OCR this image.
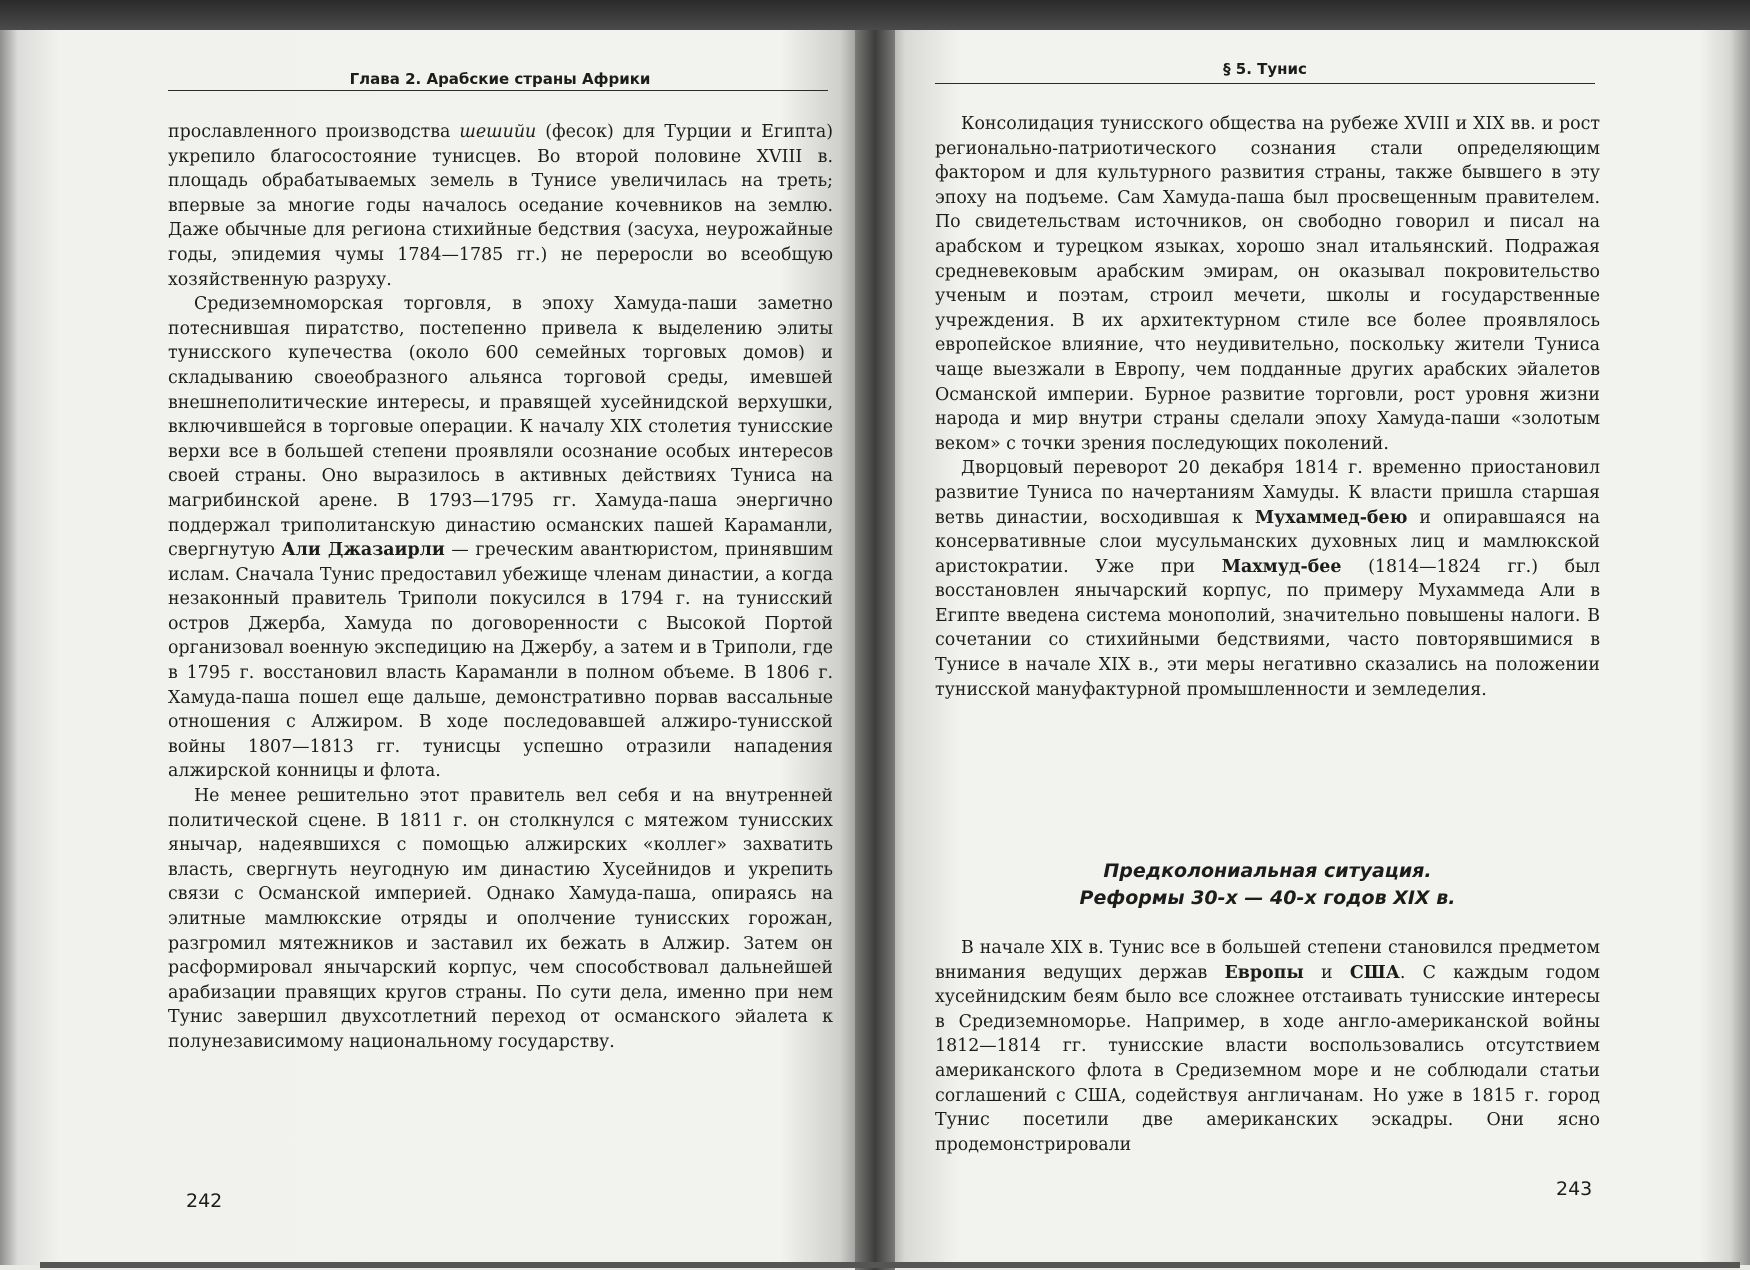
Глава 2. Арабские страны Африки
§ 5. Тунис

прославленного производства шешийи (фесок) для Турции и Египта) укрепило благосостояние тунисцев. Во второй половине XVIII в. площадь обрабатываемых земель в Тунисе увеличилась на треть; впервые за многие годы началось оседание кочевников на землю. Даже обычные для региона стихийные бедствия (засуха, неурожайные годы, эпидемия чумы 1784—1785 гг.) не переросли во всеобщую хозяйственную разруху.

Средиземноморская торговля, в эпоху Хамуда-паши заметно потеснившая пиратство, постепенно привела к выделению элиты тунисского купечества (около 600 семейных торговых домов) и складыванию своеобразного альянса торговой среды, имевшей внешнеполитические интересы, и правящей хусейнидской верхушки, включившейся в торговые операции. К началу XIX столетия тунисские верхи все в большей степени проявляли осознание особых интересов своей страны. Оно выразилось в активных действиях Туниса на магрибинской арене. В 1793—1795 гг. Хамуда-паша энергично поддержал триполитанскую династию османских пашей Караманли, свергнутую Али Джазаирли — греческим авантюристом, принявшим ислам. Сначала Тунис предоставил убежище членам династии, а когда незаконный правитель Триполи покусился в 1794 г. на тунисский остров Джерба, Хамуда по договоренности с Высокой Портой организовал военную экспедицию на Джербу, а затем и в Триполи, где в 1795 г. восстановил власть Караманли в полном объеме. В 1806 г. Хамуда-паша пошел еще дальше, демонстративно порвав вассальные отношения с Алжиром. В ходе последовавшей алжиро-тунисской войны 1807—1813 гг. тунисцы успешно отразили нападения алжирской конницы и флота.

Не менее решительно этот правитель вел себя и на внутренней политической сцене. В 1811 г. он столкнулся с мятежом тунисских янычар, надеявшихся с помощью алжирских «коллег» захватить власть, свергнуть неугодную им династию Хусейнидов и укрепить связи с Османской империей. Однако Хамуда-паша, опираясь на элитные мамлюкские отряды и ополчение тунисских горожан, разгромил мятежников и заставил их бежать в Алжир. Затем он расформировал янычарский корпус, чем способствовал дальнейшей арабизации правящих кругов страны. По сути дела, именно при нем Тунис завершил двухсотлетний переход от османского эйалета к полунезависимому национальному государству.

Консолидация тунисского общества на рубеже XVIII и XIX вв. и рост регионально-патриотического сознания стали определяющим фактором и для культурного развития страны, также бывшего в эту эпоху на подъеме. Сам Хамуда-паша был просвещенным правителем. По свидетельствам источников, он свободно говорил и писал на арабском и турецком языках, хорошо знал итальянский. Подражая средневековым арабским эмирам, он оказывал покровительство ученым и поэтам, строил мечети, школы и государственные учреждения. В их архитектурном стиле все более проявлялось европейское влияние, что неудивительно, поскольку жители Туниса чаще выезжали в Европу, чем подданные других арабских эйалетов Османской империи. Бурное развитие торговли, рост уровня жизни народа и мир внутри страны сделали эпоху Хамуда-паши «золотым веком» с точки зрения последующих поколений.

Дворцовый переворот 20 декабря 1814 г. временно приостановил развитие Туниса по начертаниям Хамуды. К власти пришла старшая ветвь династии, восходившая к Мухаммед-бею и опиравшаяся на консервативные слои мусульманских духовных лиц и мамлюкской аристократии. Уже при Махмуд-бее (1814—1824 гг.) был восстановлен янычарский корпус, по примеру Мухаммеда Али в Египте введена система монополий, значительно повышены налоги. В сочетании со стихийными бедствиями, часто повторявшимися в Тунисе в начале XIX в., эти меры негативно сказались на положении тунисской мануфактурной промышленности и земледелия.

Предколониальная ситуация.
Реформы 30-х — 40-х годов XIX в.

В начале XIX в. Тунис все в большей степени становился предметом внимания ведущих держав Европы и США. С каждым годом хусейнидским беям было все сложнее отстаивать тунисские интересы в Средиземноморье. Например, в ходе англо-американской войны 1812—1814 гг. тунисские власти воспользовались отсутствием американского флота в Средиземном море и не соблюдали статьи соглашений с США, содействуя англичанам. Но уже в 1815 г. город Тунис посетили две американских эскадры. Они ясно продемонстрировали

242
243
